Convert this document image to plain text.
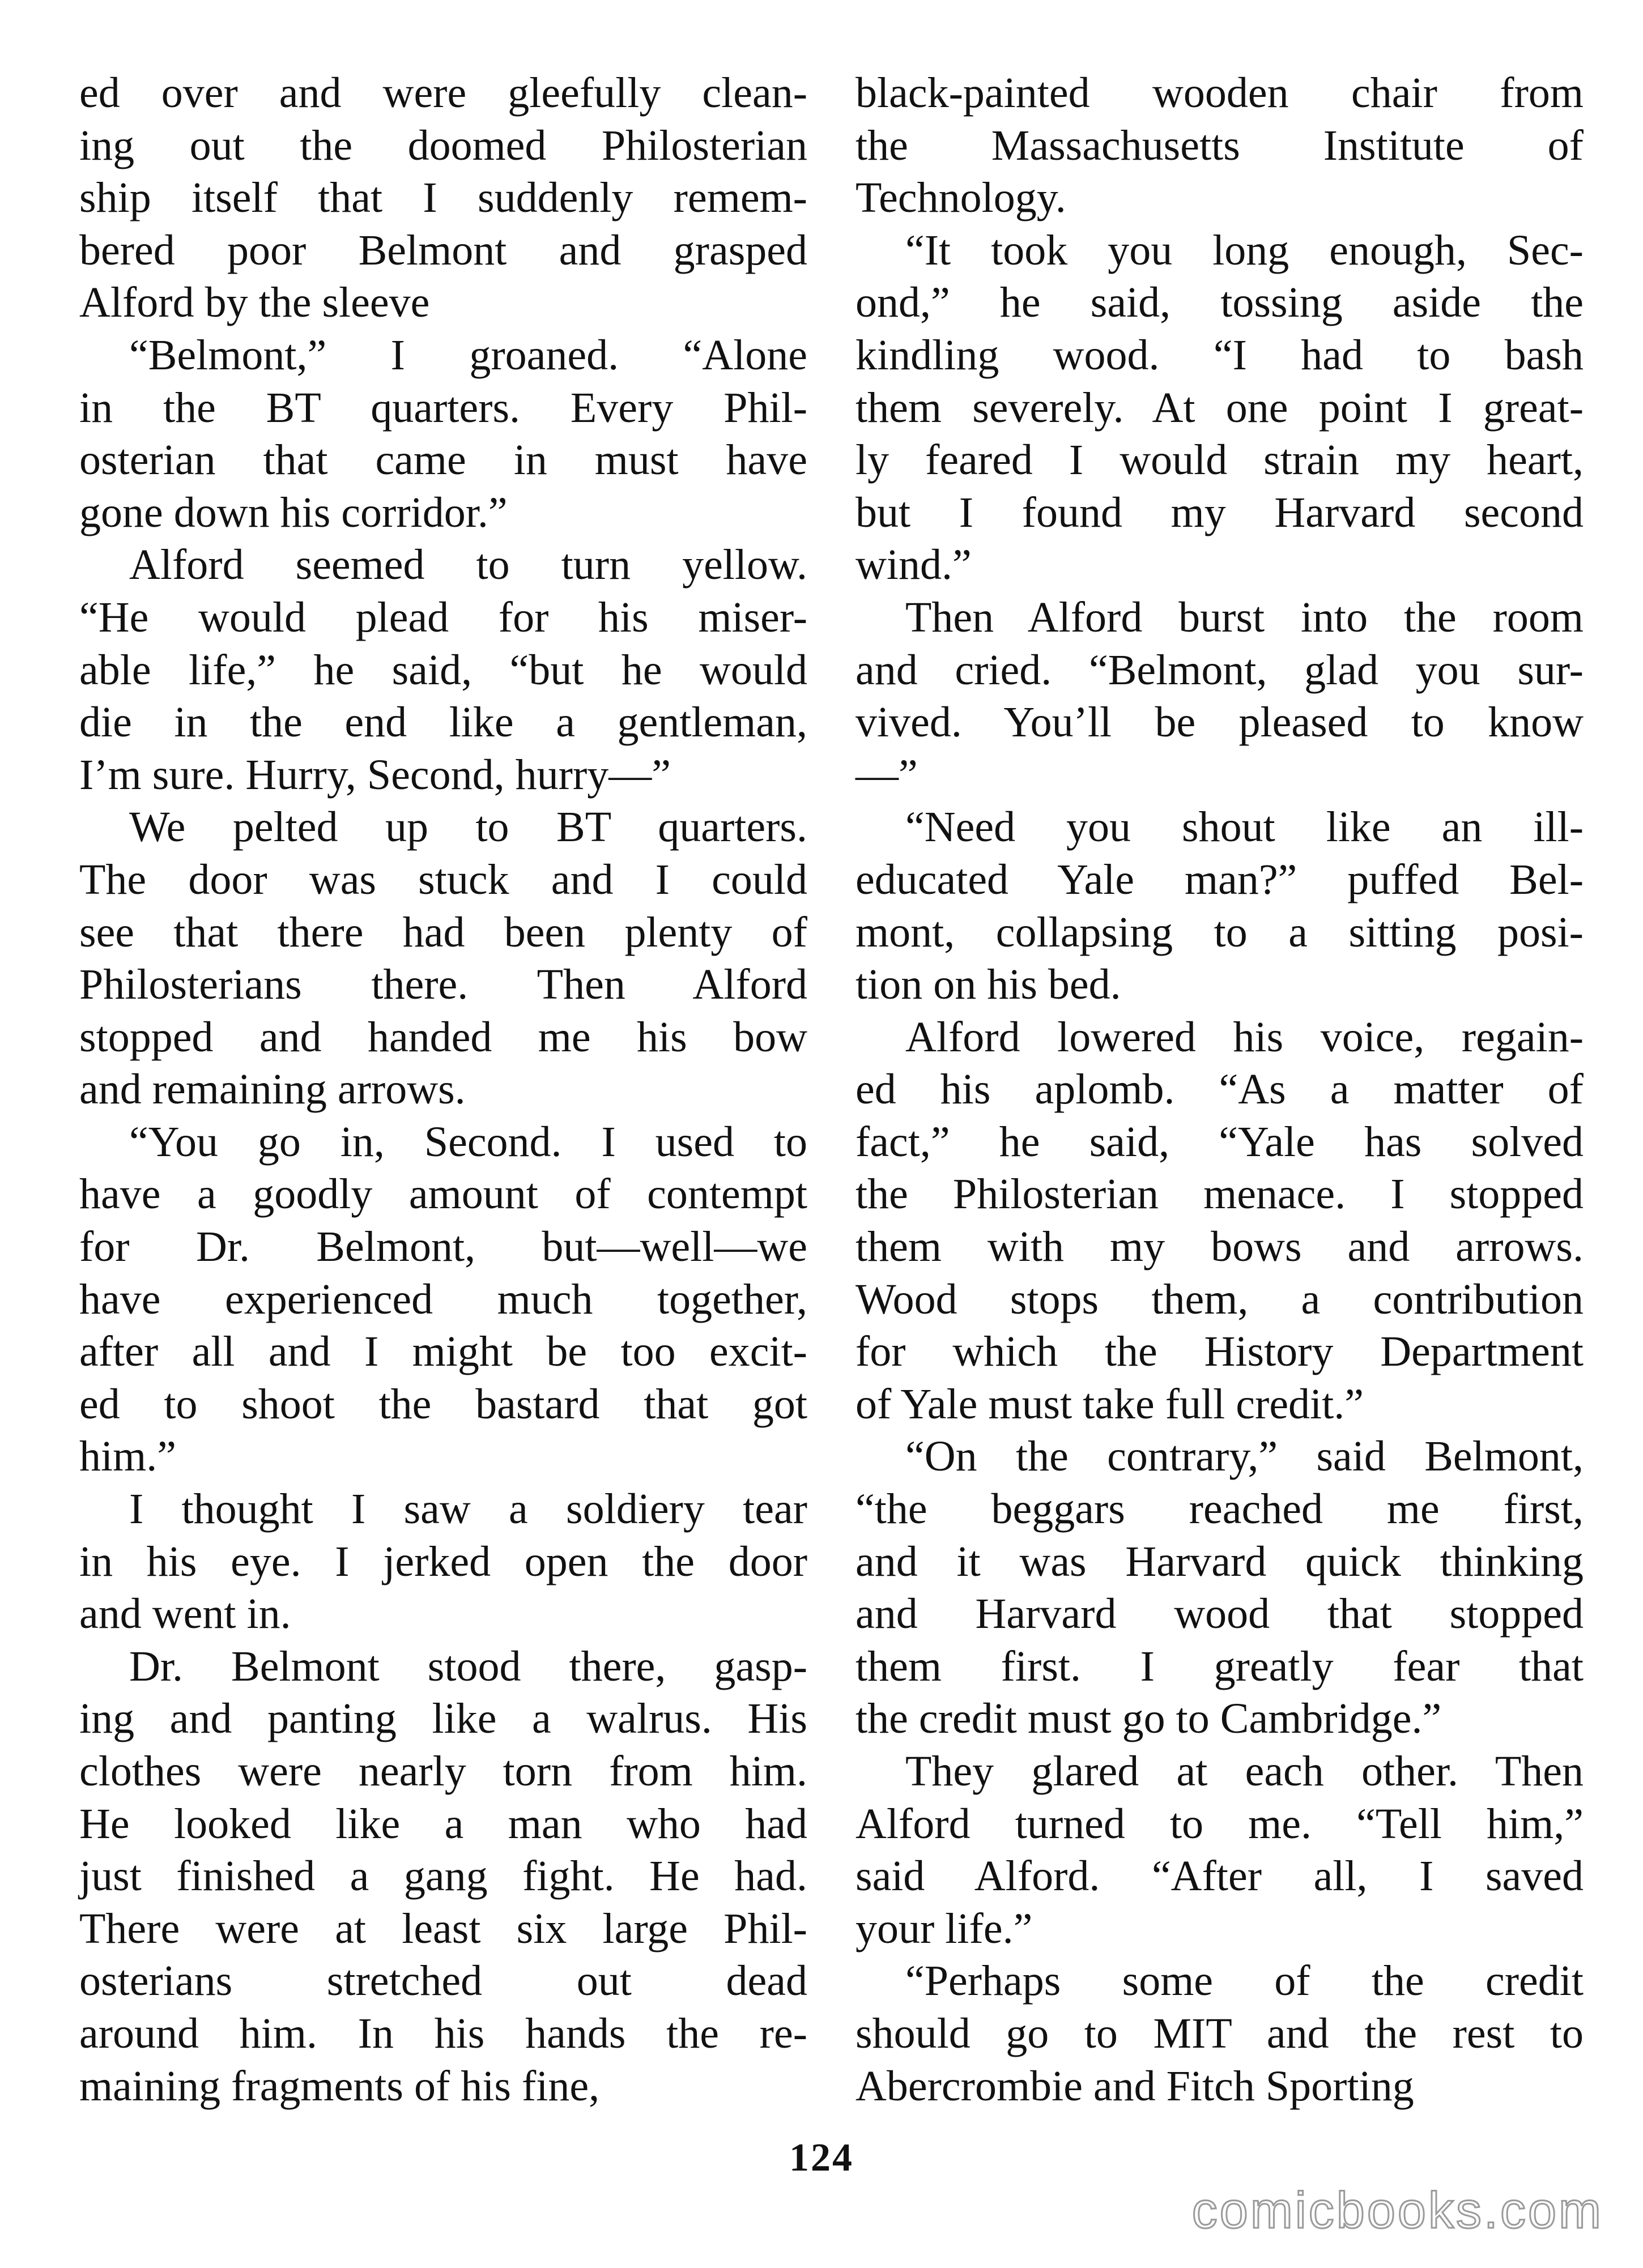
ed over and were gleefully clean-
ing out the doomed Philosterian
ship itself that I suddenly remem-
bered poor Belmont and grasped
Alford by the sleeve
“Belmont,” I groaned. “Alone
in the BT quarters. Every Phil-
osterian that came in must have
gone down his corridor.”
Alford seemed to turn yellow.
“He would plead for his miser-
able life,” he said, “but he would
die in the end like a gentleman,
I’m sure. Hurry, Second, hurry—”
We pelted up to BT quarters.
The door was stuck and I could
see that there had been plenty of
Philosterians there. Then Alford
stopped and handed me his bow
and remaining arrows.
“You go in, Second. I used to
have a goodly amount of contempt
for Dr. Belmont, but—well—we
have experienced much together,
after all and I might be too excit-
ed to shoot the bastard that got
him.”
I thought I saw a soldiery tear
in his eye. I jerked open the door
and went in.
Dr. Belmont stood there, gasp-
ing and panting like a walrus. His
clothes were nearly torn from him.
He looked like a man who had
just finished a gang fight. He had.
There were at least six large Phil-
osterians stretched out dead
around him. In his hands the re-
maining fragments of his fine,
black-painted wooden chair from
the Massachusetts Institute of
Technology.
“It took you long enough, Sec-
ond,” he said, tossing aside the
kindling wood. “I had to bash
them severely. At one point I great-
ly feared I would strain my heart,
but I found my Harvard second
wind.”
Then Alford burst into the room
and cried. “Belmont, glad you sur-
vived. You’ll be pleased to know
—”
“Need you shout like an ill-
educated Yale man?” puffed Bel-
mont, collapsing to a sitting posi-
tion on his bed.
Alford lowered his voice, regain-
ed his aplomb. “As a matter of
fact,” he said, “Yale has solved
the Philosterian menace. I stopped
them with my bows and arrows.
Wood stops them, a contribution
for which the History Department
of Yale must take full credit.”
“On the contrary,” said Belmont,
“the beggars reached me first,
and it was Harvard quick thinking
and Harvard wood that stopped
them first. I greatly fear that
the credit must go to Cambridge.”
They glared at each other. Then
Alford turned to me. “Tell him,”
said Alford. “After all, I saved
your life.”
“Perhaps some of the credit
should go to MIT and the rest to
Abercrombie and Fitch Sporting
124
comicbooks.com
